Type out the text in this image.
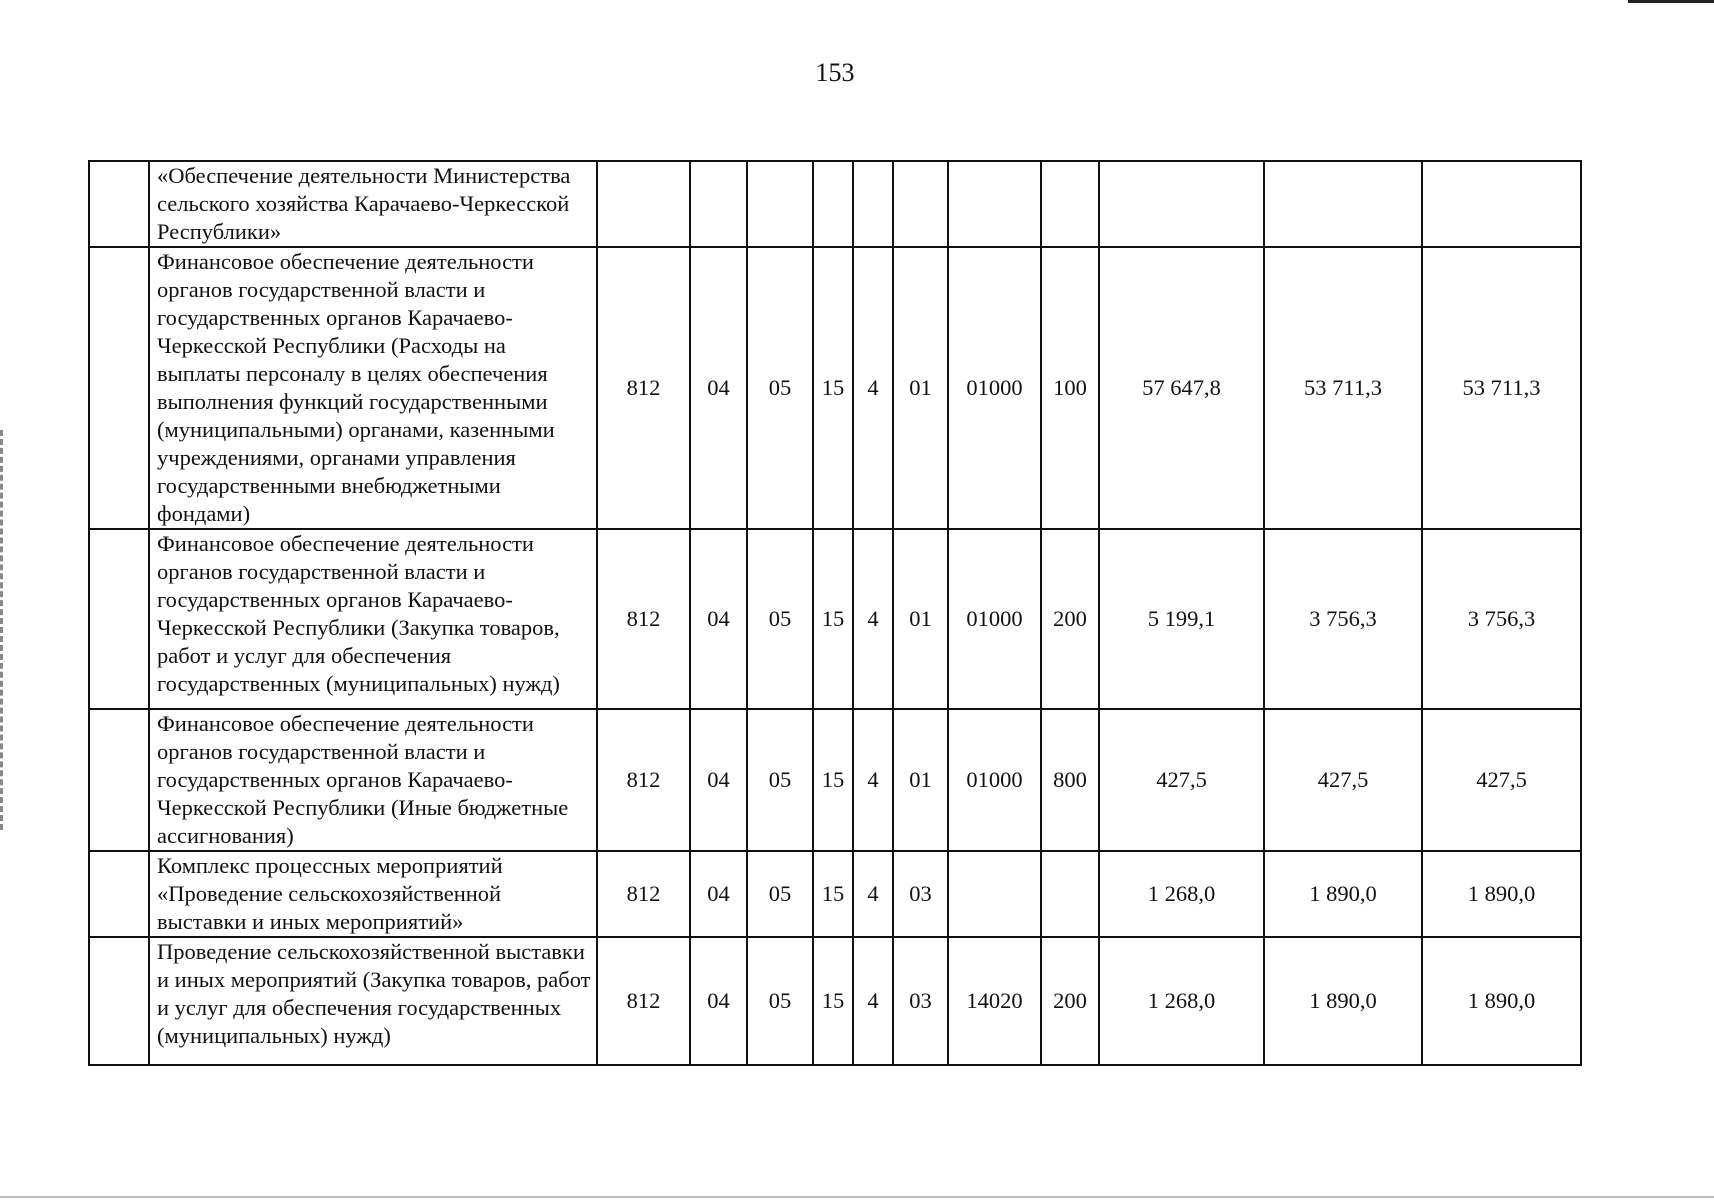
153
	«Обеспечение деятельности Министерства сельского хозяйства Карачаево-Черкесской Республики»											
	Финансовое обеспечение деятельности органов государственной власти и государственных органов Карачаево-Черкесской Республики (Расходы на выплаты персоналу в целях обеспечения выполнения функций государственными (муниципальными) органами, казенными учреждениями, органами управления государственными внебюджетными фондами)	812	04	05	15	4	01	01000	100	57 647,8	53 711,3	53 711,3
	Финансовое обеспечение деятельности органов государственной власти и государственных органов Карачаево-Черкесской Республики (Закупка товаров, работ и услуг для обеспечения государственных (муниципальных) нужд)	812	04	05	15	4	01	01000	200	5 199,1	3 756,3	3 756,3
	Финансовое обеспечение деятельности органов государственной власти и государственных органов Карачаево-Черкесской Республики (Иные бюджетные ассигнования)	812	04	05	15	4	01	01000	800	427,5	427,5	427,5
	Комплекс процессных мероприятий «Проведение сельскохозяйственной выставки и иных мероприятий»	812	04	05	15	4	03			1 268,0	1 890,0	1 890,0
	Проведение сельскохозяйственной выставки и иных мероприятий (Закупка товаров, работ и услуг для обеспечения государственных (муниципальных) нужд)	812	04	05	15	4	03	14020	200	1 268,0	1 890,0	1 890,0
